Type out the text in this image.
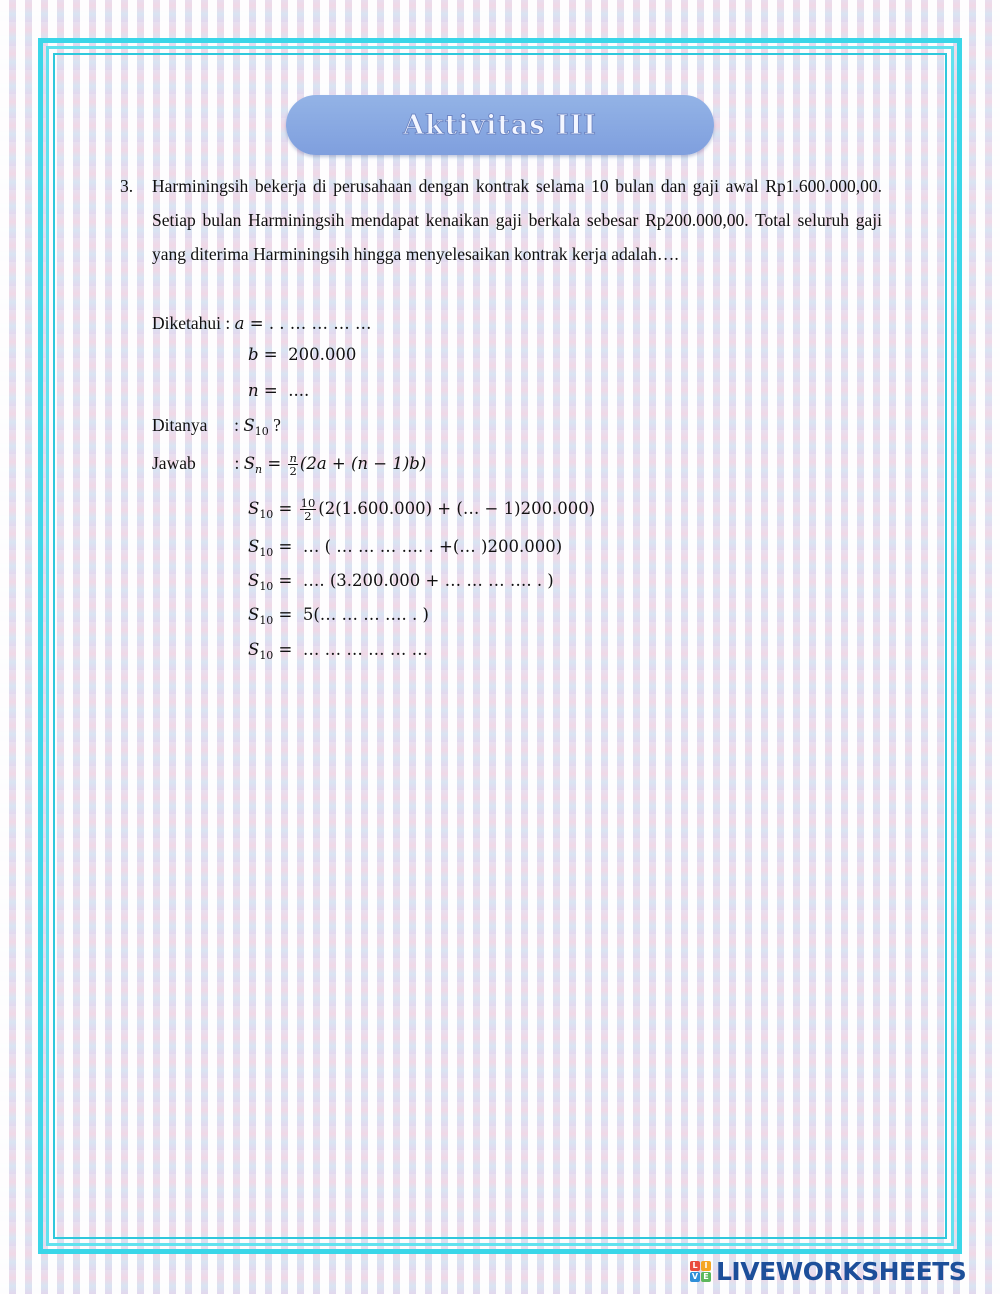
Aktivitas III
3. Harminingsih bekerja di perusahaan dengan kontrak selama 10 bulan dan gaji awal Rp1.600.000,00. Setiap bulan Harminingsih mendapat kenaikan gaji berkala sebesar Rp200.000,00. Total seluruh gaji yang diterima Harminingsih hingga menyelesaikan kontrak kerja adalah….
Diketahui : a = . . … … … …
b =  200.000
n =  ....
Ditanya : $S_{10}$ ?
Jawab : $S_n = \frac{n}{2} (2a + (n - 1)b)$
$S_{10} = \frac{10}{2} (2(1.600.000)$ + (… − 1)200.000)
$S_{10}$ =  … ( … … … …. . +(… )200.000)
$S_{10}$ =  …. (3.200.000 + … … … …. . )
$S_{10}$ =  5(… … … …. . )
$S_{10}$ =  … … … … … …
L I
V E LIVEWORKSHEETS
